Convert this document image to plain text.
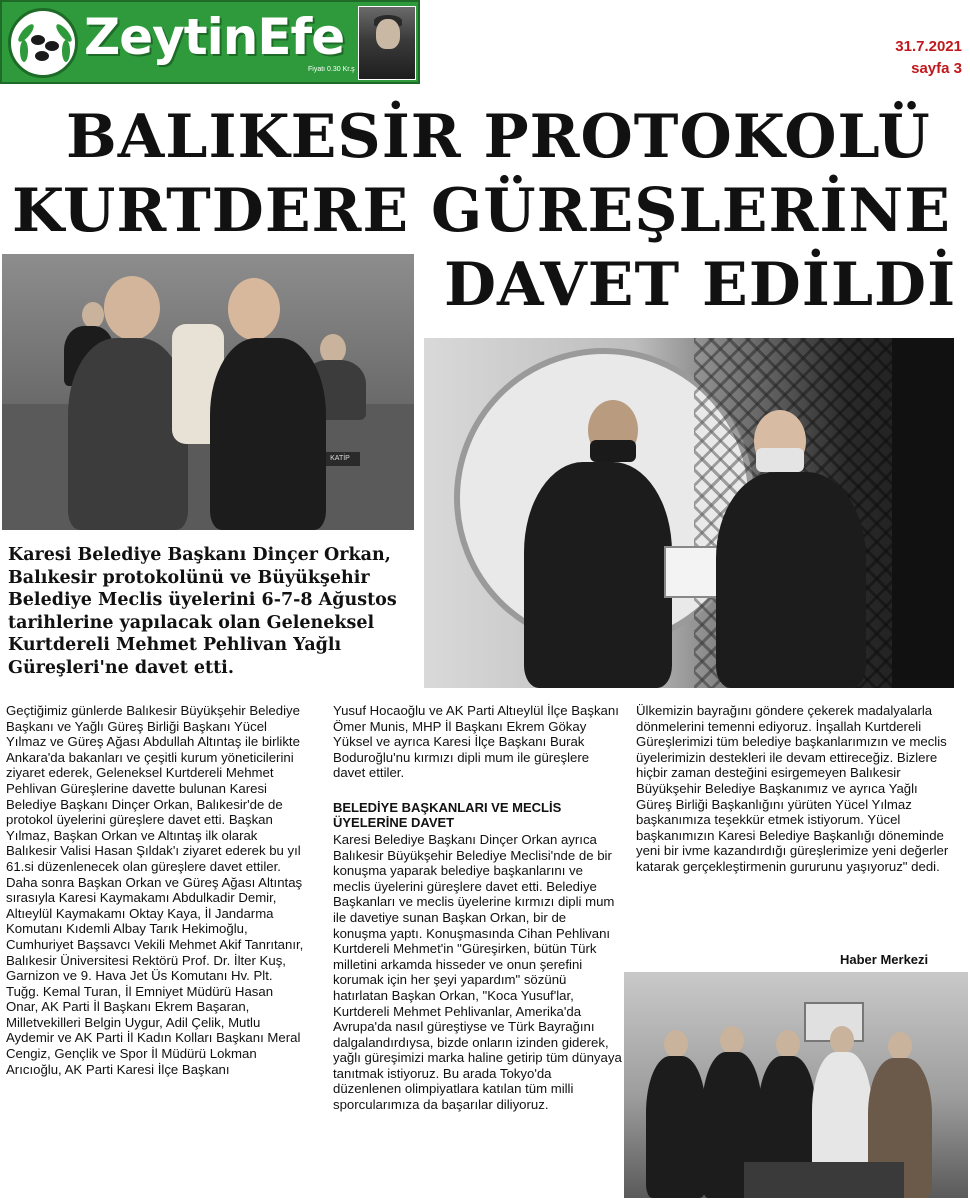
ZeytinEfe
Fiyatı 0.30 Kr.ş
31.7.2021
sayfa 3
BALIKESİR PROTOKOLÜ
KURTDERE GÜREŞLERİNE
DAVET EDİLDİ
KATİP
Karesi Belediye Başkanı Dinçer Orkan, Balıkesir protokolünü ve Büyükşehir Belediye Meclis üyelerini 6-7-8 Ağustos tarihlerine yapılacak olan Geleneksel Kurtdereli Mehmet Pehlivan Yağlı Güreşleri'ne davet etti.

Geçtiğimiz günlerde Balıkesir Büyükşehir Belediye Başkanı ve Yağlı Güreş Birliği Başkanı Yücel Yılmaz ve Güreş Ağası Abdullah Altıntaş ile birlikte Ankara'da bakanları ve çeşitli kurum yöneticilerini ziyaret ederek, Geleneksel Kurtdereli Mehmet Pehlivan Güreşlerine davette bulunan Karesi Belediye Başkanı Dinçer Orkan, Balıkesir'de de protokol üyelerini güreşlere davet etti. Başkan Yılmaz, Başkan Orkan ve Altıntaş ilk olarak Balıkesir Valisi Hasan Şıldak'ı ziyaret ederek bu yıl 61.si düzenlenecek olan güreşlere davet ettiler.

Daha sonra Başkan Orkan ve Güreş Ağası Altıntaş sırasıyla Karesi Kaymakamı Abdulkadir Demir, Altıeylül Kaymakamı Oktay Kaya, İl Jandarma Komutanı Kıdemli Albay Tarık Hekimoğlu, Cumhuriyet Başsavcı Vekili Mehmet Akif Tanrıtanır, Balıkesir Üniversitesi Rektörü Prof. Dr. İlter Kuş, Garnizon ve 9. Hava Jet Üs Komutanı Hv. Plt. Tuğg. Kemal Turan, İl Emniyet Müdürü Hasan Onar, AK Parti İl Başkanı Ekrem Başaran, Milletvekilleri Belgin Uygur, Adil Çelik, Mutlu Aydemir ve AK Parti İl Kadın Kolları Başkanı Meral Cengiz, Gençlik ve Spor İl Müdürü Lokman Arıcıoğlu, AK Parti Karesi İlçe Başkanı

Yusuf Hocaoğlu ve AK Parti Altıeylül İlçe Başkanı Ömer Munis, MHP İl Başkanı Ekrem Gökay Yüksel ve ayrıca Karesi İlçe Başkanı Burak Boduroğlu'nu kırmızı dipli mum ile güreşlere davet ettiler.

BELEDİYE BAŞKANLARI VE MECLİS ÜYELERİNE DAVET

Karesi Belediye Başkanı Dinçer Orkan ayrıca Balıkesir Büyükşehir Belediye Meclisi'nde de bir konuşma yaparak belediye başkanlarını ve meclis üyelerini güreşlere davet etti. Belediye Başkanları ve meclis üyelerine kırmızı dipli mum ile davetiye sunan Başkan Orkan, bir de konuşma yaptı. Konuşmasında Cihan Pehlivanı Kurtdereli Mehmet'in "Güreşirken, bütün Türk milletini arkamda hisseder ve onun şerefini korumak için her şeyi yapardım" sözünü hatırlatan Başkan Orkan, "Koca Yusuf'lar, Kurtdereli Mehmet Pehlivanlar, Amerika'da Avrupa'da nasıl güreştiyse ve Türk Bayrağını dalgalandırdıysa, bizde onların izinden giderek, yağlı güreşimizi marka haline getirip tüm dünyaya tanıtmak istiyoruz. Bu arada Tokyo'da düzenlenen olimpiyatlara katılan tüm milli sporcularımıza da başarılar diliyoruz.

Ülkemizin bayrağını göndere çekerek madalyalarla dönmelerini temenni ediyoruz. İnşallah Kurtdereli Güreşlerimizi tüm belediye başkanlarımızın ve meclis üyelerimizin destekleri ile devam ettireceğiz. Bizlere hiçbir zaman desteğini esirgemeyen Balıkesir Büyükşehir Belediye Başkanımız ve ayrıca Yağlı Güreş Birliği Başkanlığını yürüten Yücel Yılmaz başkanımıza teşekkür etmek istiyorum. Yücel başkanımızın Karesi Belediye Başkanlığı döneminde yeni bir ivme kazandırdığı güreşlerimize yeni değerler katarak gerçekleştirmenin gururunu yaşıyoruz" dedi.

Haber Merkezi
